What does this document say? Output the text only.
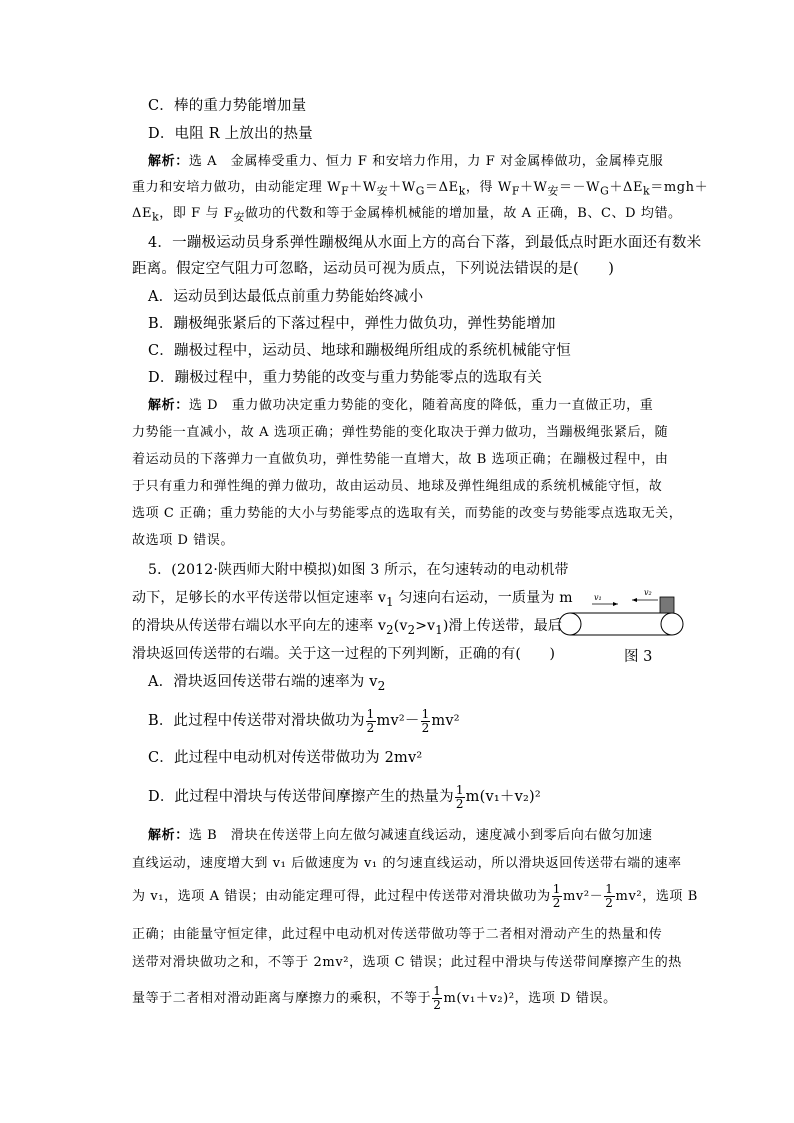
C．棒的重力势能增加量
D．电阻 R 上放出的热量
解析：选 A　金属棒受重力、恒力 F 和安培力作用，力 F 对金属棒做功，金属棒克服
重力和安培力做功，由动能定理 $W_F+W_安+W_G=\Delta E_k$，得 $W_F+W_安=-W_G+\Delta E_k=mgh+$
$\Delta E_k$，即 F 与 $F_安$做功的代数和等于金属棒机械能的增加量，故 A 正确，B、C、D 均错。
4．一蹦极运动员身系弹性蹦极绳从水面上方的高台下落，到最低点时距水面还有数米
距离。假定空气阻力可忽略，运动员可视为质点，下列说法错误的是(　　)
A．运动员到达最低点前重力势能始终减小
B．蹦极绳张紧后的下落过程中，弹性力做负功，弹性势能增加
C．蹦极过程中，运动员、地球和蹦极绳所组成的系统机械能守恒
D．蹦极过程中，重力势能的改变与重力势能零点的选取有关
解析：选 D　重力做功决定重力势能的变化，随着高度的降低，重力一直做正功，重
力势能一直减小，故 A 选项正确；弹性势能的变化取决于弹力做功，当蹦极绳张紧后，随
着运动员的下落弹力一直做负功，弹性势能一直增大，故 B 选项正确；在蹦极过程中，由
于只有重力和弹性绳的弹力做功，故由运动员、地球及弹性绳组成的系统机械能守恒，故
选项 C 正确；重力势能的大小与势能零点的选取有关，而势能的改变与势能零点选取无关，
故选项 D 错误。
5．(2012·陕西师大附中模拟)如图 3 所示，在匀速转动的电动机带
动下，足够长的水平传送带以恒定速率 $v_1$ 匀速向右运动，一质量为 m
的滑块从传送带右端以水平向左的速率 $v_2(v_2>v_1)$滑上传送带，最后
滑块返回传送带的右端。关于这一过程的下列判断，正确的有(　　)
v₁
v₂
图 3
A．滑块返回传送带右端的速率为 $v_2$
B．此过程中传送带对滑块做功为 $\frac{1}{2} mv^2- \frac{1}{2} mv^2$
C．此过程中电动机对传送带做功为 2mv²
D．此过程中滑块与传送带间摩擦产生的热量为 $\frac{1}{2} m(v_1+v_2)^2$
解析：选 B　滑块在传送带上向左做匀减速直线运动，速度减小到零后向右做匀加速
直线运动，速度增大到 v₁ 后做速度为 v₁ 的匀速直线运动，所以滑块返回传送带右端的速率
为 v₁，选项 A 错误；由动能定理可得，此过程中传送带对滑块做功为 $\frac{1}{2} mv^2- \frac{1}{2} mv^2$，选项 B
正确；由能量守恒定律，此过程中电动机对传送带做功等于二者相对滑动产生的热量和传
送带对滑块做功之和，不等于 2mv²，选项 C 错误；此过程中滑块与传送带间摩擦产生的热
量等于二者相对滑动距离与摩擦力的乘积，不等于 $\frac{1}{2} m(v_1+v_2)^2$，选项 D 错误。
